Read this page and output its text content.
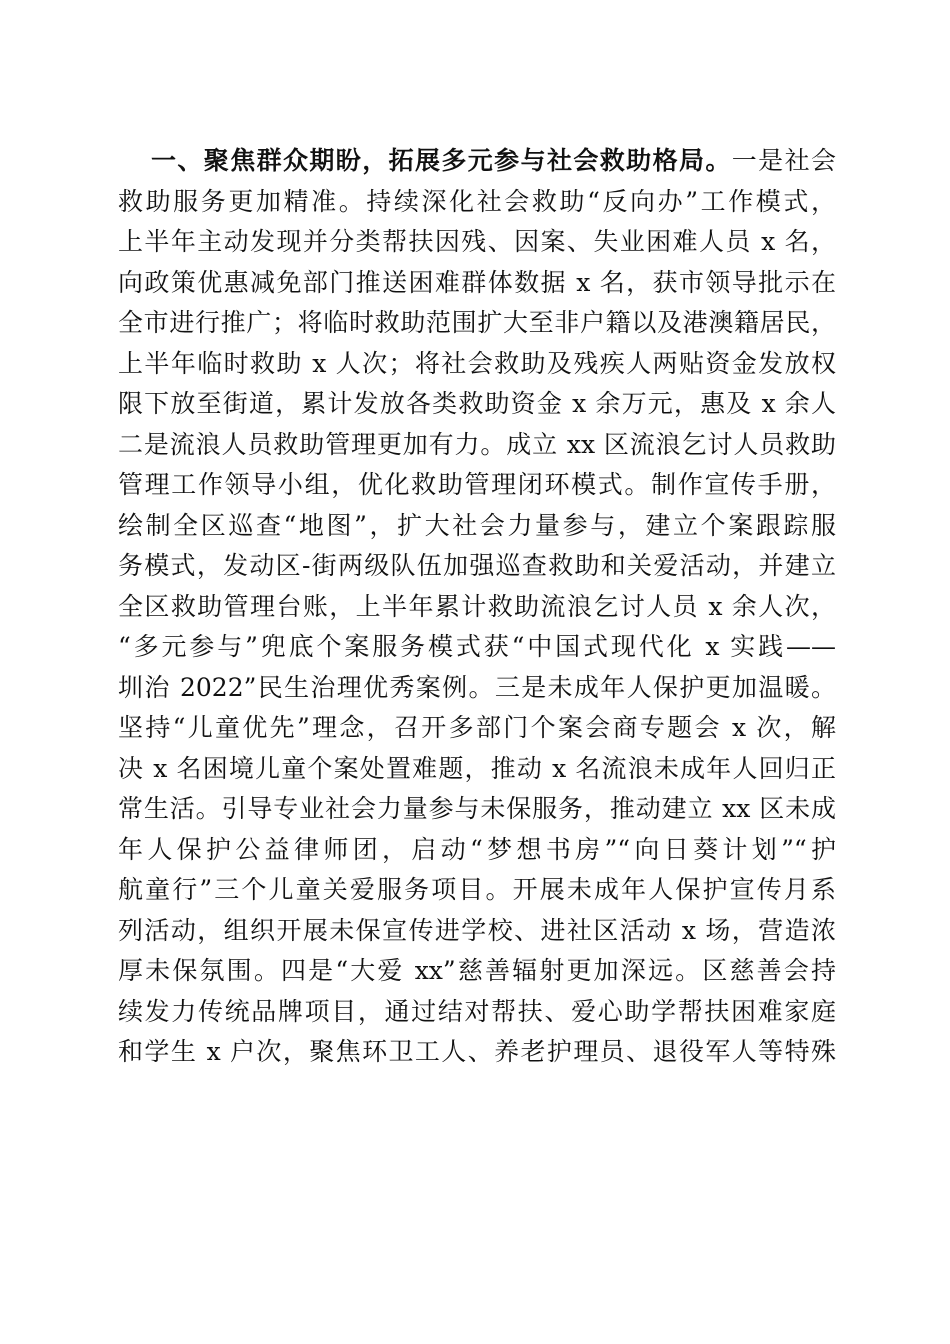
一、聚焦群众期盼，拓展多元参与社会救助格局。一是社会
救助服务更加精准。持续深化社会救助“反向办”工作模式，
上半年主动发现并分类帮扶因残、因案、失业困难人员 x 名，
向政策优惠减免部门推送困难群体数据 x 名，获市领导批示在
全市进行推广；将临时救助范围扩大至非户籍以及港澳籍居民，
上半年临时救助 x 人次；将社会救助及残疾人两贴资金发放权
限下放至街道，累计发放各类救助资金 x 余万元，惠及 x 余人
二是流浪人员救助管理更加有力。成立 xx 区流浪乞讨人员救助
管理工作领导小组，优化救助管理闭环模式。制作宣传手册，
绘制全区巡查“地图”，扩大社会力量参与，建立个案跟踪服
务模式，发动区-街两级队伍加强巡查救助和关爱活动，并建立
全区救助管理台账，上半年累计救助流浪乞讨人员 x 余人次，
“多元参与”兜底个案服务模式获“中国式现代化 x 实践——
圳治 2022”民生治理优秀案例。三是未成年人保护更加温暖。
坚持“儿童优先”理念，召开多部门个案会商专题会 x 次，解
决 x 名困境儿童个案处置难题，推动 x 名流浪未成年人回归正
常生活。引导专业社会力量参与未保服务，推动建立 xx 区未成
年人保护公益律师团，启动“梦想书房”“向日葵计划”“护
航童行”三个儿童关爱服务项目。开展未成年人保护宣传月系
列活动，组织开展未保宣传进学校、进社区活动 x 场，营造浓
厚未保氛围。四是“大爱 xx”慈善辐射更加深远。区慈善会持
续发力传统品牌项目，通过结对帮扶、爱心助学帮扶困难家庭
和学生 x 户次，聚焦环卫工人、养老护理员、退役军人等特殊
